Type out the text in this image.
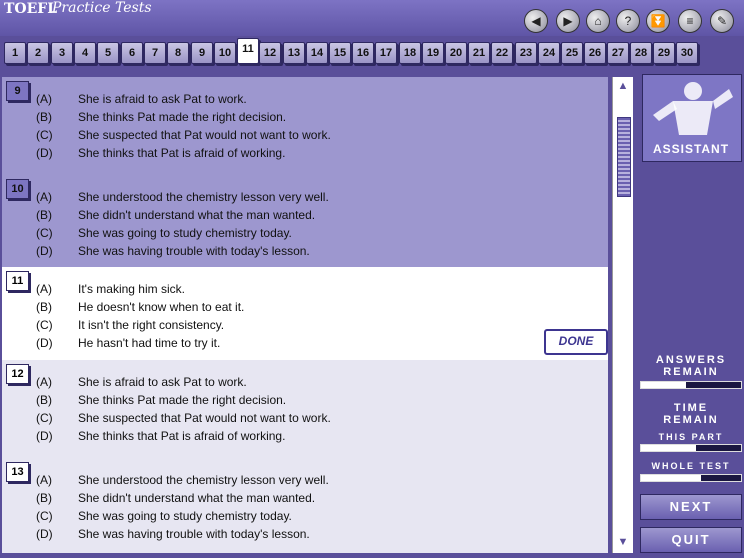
TOEFL
Practice Tests
◀	▶	⌂	?	⏬	≡	✎
9
(A) She is afraid to ask Pat to work.
(B) She thinks Pat made the right decision.
(C) She suspected that Pat would not want to work.
(D) She thinks that Pat is afraid of working.
10
(A) She understood the chemistry lesson very well.
(B) She didn't understand what the man wanted.
(C) She was going to study chemistry today.
(D) She was having trouble with today's lesson.
11
(A) It's making him sick.
(B) He doesn't know when to eat it.
(C) It isn't the right consistency.
(D) He hasn't had time to try it.	DONE
12
(A) She is afraid to ask Pat to work.
(B) She thinks Pat made the right decision.
(C) She suspected that Pat would not want to work.
(D) She thinks that Pat is afraid of working.
13
(A) She understood the chemistry lesson very well.
(B) She didn't understand what the man wanted.
(C) She was going to study chemistry today.
(D) She was having trouble with today's lesson.
▲
▼
ASSISTANT
ANSWERS
REMAIN
TIME
REMAIN
THIS PART
WHOLE TEST
NEXT
QUIT
1	2	3	4	5	6	7	8	9	10	11 12	13 14 15 16 17	18 19 20 21 22	23 24 25 26 27 28 29 30
